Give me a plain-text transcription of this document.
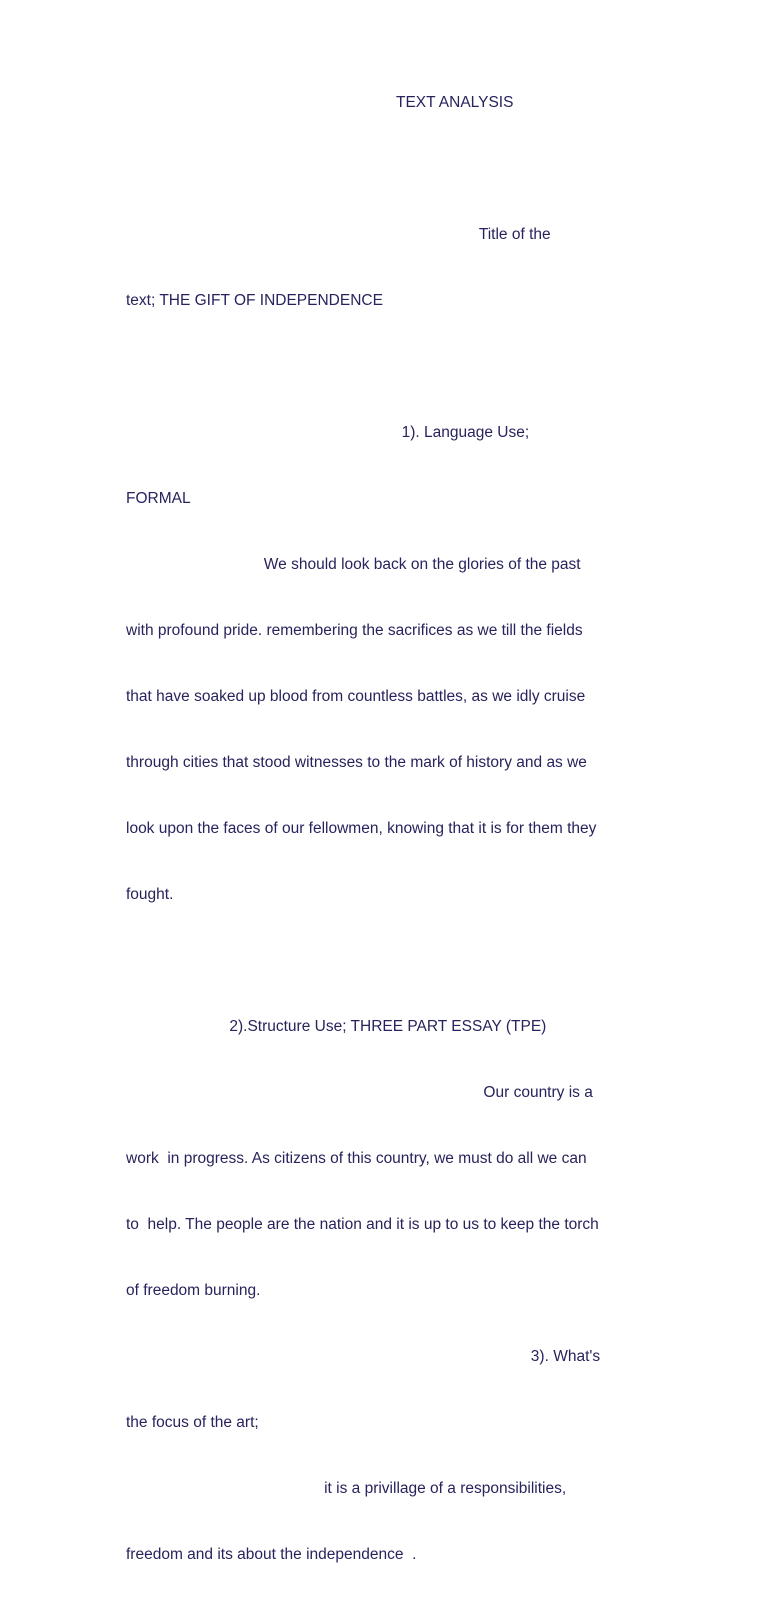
TEXT ANALYSIS

Title of the

text; THE GIFT OF INDEPENDENCE

1). Language Use;

FORMAL

We should look back on the glories of the past

with profound pride. remembering the sacrifices as we till the fields

that have soaked up blood from countless battles, as we idly cruise

through cities that stood witnesses to the mark of history and as we

look upon the faces of our fellowmen, knowing that it is for them they

fought.

2).Structure Use; THREE PART ESSAY (TPE)

Our country is a

work  in progress. As citizens of this country, we must do all we can

to  help. The people are the nation and it is up to us to keep the torch

of freedom burning.

3). What's

the focus of the art;

it is a privillage of a responsibilities,

freedom and its about the independence  .
